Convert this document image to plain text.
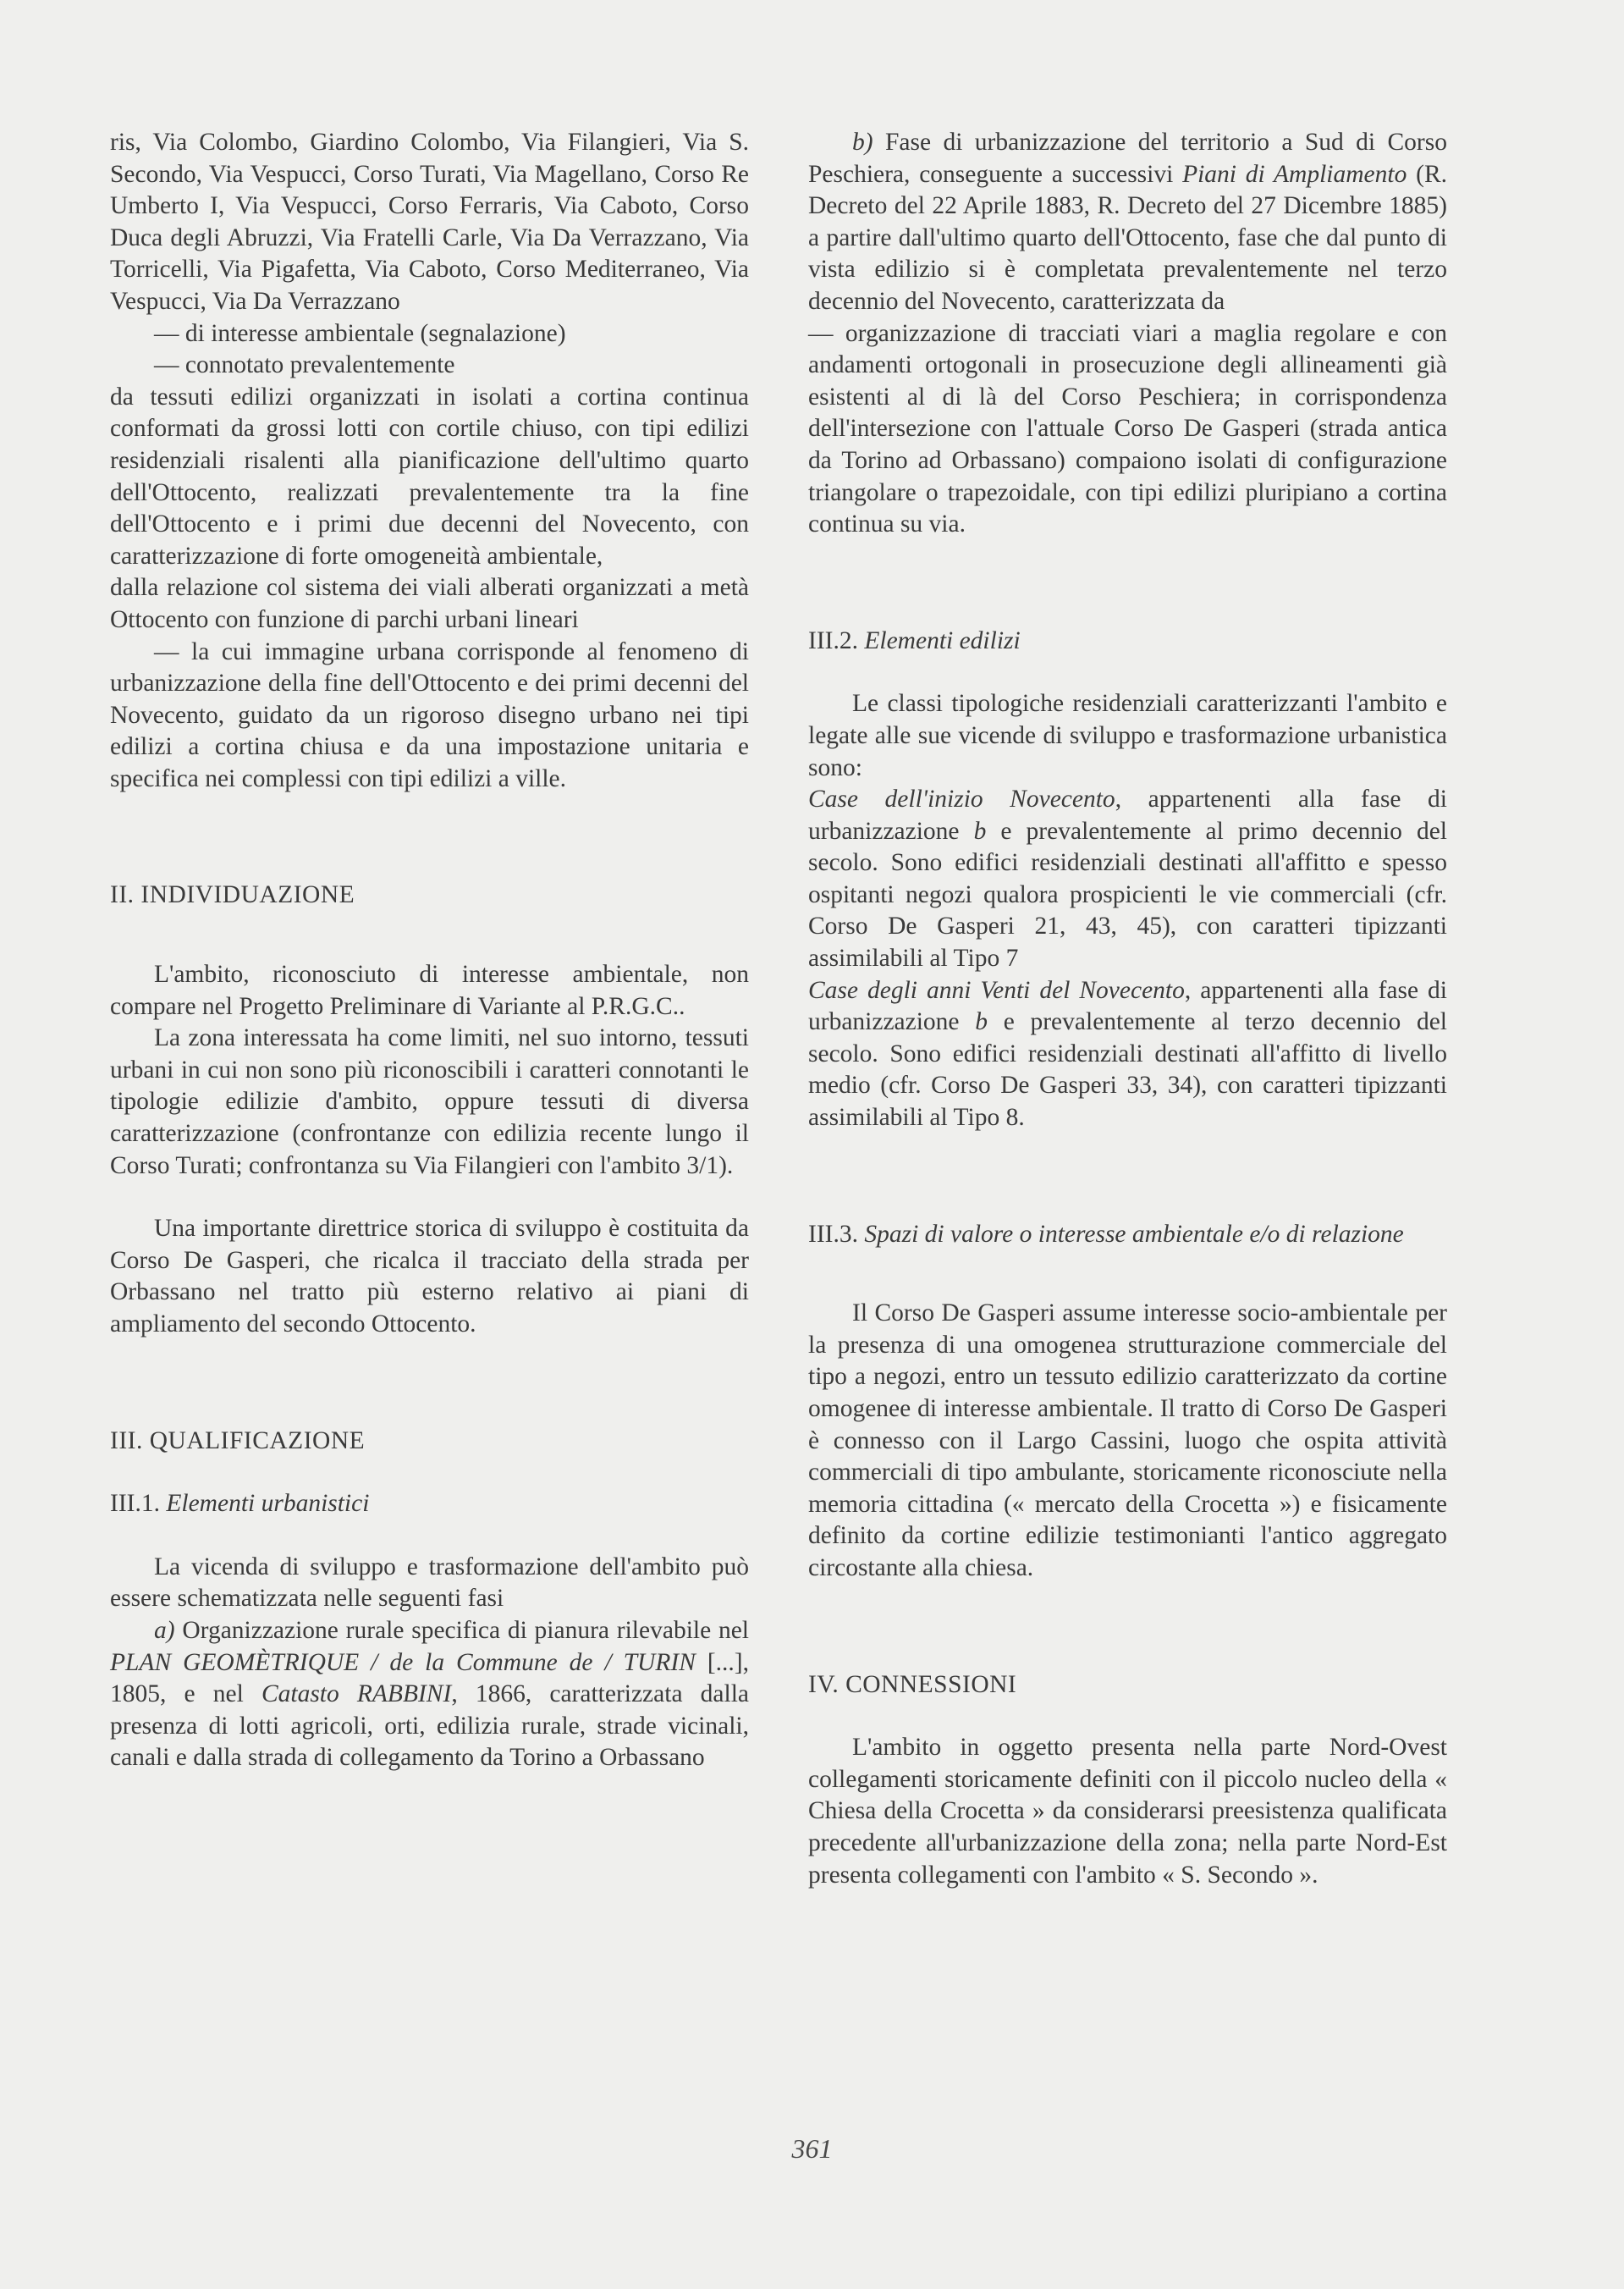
ris, Via Colombo, Giardino Colombo, Via Filangieri, Via S. Secondo, Via Vespucci, Corso Turati, Via Magellano, Corso Re Umberto I, Via Vespucci, Corso Ferraris, Via Caboto, Corso Duca degli Abruzzi, Via Fratelli Carle, Via Da Verrazzano, Via Torricelli, Via Pigafetta, Via Caboto, Corso Mediterraneo, Via Vespucci, Via Da Verrazzano

— di interesse ambientale (segnalazione)

— connotato prevalentemente

da tessuti edilizi organizzati in isolati a cortina continua conformati da grossi lotti con cortile chiuso, con tipi edilizi residenziali risalenti alla pianificazione dell'ultimo quarto dell'Ottocento, realizzati prevalentemente tra la fine dell'Ottocento e i primi due decenni del Novecento, con caratterizzazione di forte omogeneità ambientale,

dalla relazione col sistema dei viali alberati organizzati a metà Ottocento con funzione di parchi urbani lineari

— la cui immagine urbana corrisponde al fenomeno di urbanizzazione della fine dell'Ottocento e dei primi decenni del Novecento, guidato da un rigoroso disegno urbano nei tipi edilizi a cortina chiusa e da una impostazione unitaria e specifica nei complessi con tipi edilizi a ville.

II. INDIVIDUAZIONE

L'ambito, riconosciuto di interesse ambientale, non compare nel Progetto Preliminare di Variante al P.R.G.C..

La zona interessata ha come limiti, nel suo intorno, tessuti urbani in cui non sono più riconoscibili i caratteri connotanti le tipologie edilizie d'ambito, oppure tessuti di diversa caratterizzazione (confrontanze con edilizia recente lungo il Corso Turati; confrontanza su Via Filangieri con l'ambito 3/1).

Una importante direttrice storica di sviluppo è costituita da Corso De Gasperi, che ricalca il tracciato della strada per Orbassano nel tratto più esterno relativo ai piani di ampliamento del secondo Ottocento.

III. QUALIFICAZIONE
III.1. Elementi urbanistici

La vicenda di sviluppo e trasformazione dell'ambito può essere schematizzata nelle seguenti fasi

a) Organizzazione rurale specifica di pianura rilevabile nel PLAN GEOMÈTRIQUE / de la Commune de / TURIN [...], 1805, e nel Catasto RABBINI, 1866, caratterizzata dalla presenza di lotti agricoli, orti, edilizia rurale, strade vicinali, canali e dalla strada di collegamento da Torino a Orbassano

b) Fase di urbanizzazione del territorio a Sud di Corso Peschiera, conseguente a successivi Piani di Ampliamento (R. Decreto del 22 Aprile 1883, R. Decreto del 27 Dicembre 1885) a partire dall'ultimo quarto dell'Ottocento, fase che dal punto di vista edilizio si è completata prevalentemente nel terzo decennio del Novecento, caratterizzata da

— organizzazione di tracciati viari a maglia regolare e con andamenti ortogonali in prosecuzione degli allineamenti già esistenti al di là del Corso Peschiera; in corrispondenza dell'intersezione con l'attuale Corso De Gasperi (strada antica da Torino ad Orbassano) compaiono isolati di configurazione triangolare o trapezoidale, con tipi edilizi pluripiano a cortina continua su via.

III.2. Elementi edilizi

Le classi tipologiche residenziali caratterizzanti l'ambito e legate alle sue vicende di sviluppo e trasformazione urbanistica sono:

Case dell'inizio Novecento, appartenenti alla fase di urbanizzazione b e prevalentemente al primo decennio del secolo. Sono edifici residenziali destinati all'affitto e spesso ospitanti negozi qualora prospicienti le vie commerciali (cfr. Corso De Gasperi 21, 43, 45), con caratteri tipizzanti assimilabili al Tipo 7

Case degli anni Venti del Novecento, appartenenti alla fase di urbanizzazione b e prevalentemente al terzo decennio del secolo. Sono edifici residenziali destinati all'affitto di livello medio (cfr. Corso De Gasperi 33, 34), con caratteri tipizzanti assimilabili al Tipo 8.

III.3. Spazi di valore o interesse ambientale e/o di relazione

Il Corso De Gasperi assume interesse socio-ambientale per la presenza di una omogenea strutturazione commerciale del tipo a negozi, entro un tessuto edilizio caratterizzato da cortine omogenee di interesse ambientale. Il tratto di Corso De Gasperi è connesso con il Largo Cassini, luogo che ospita attività commerciali di tipo ambulante, storicamente riconosciute nella memoria cittadina (« mercato della Crocetta ») e fisicamente definito da cortine edilizie testimonianti l'antico aggregato circostante alla chiesa.

IV. CONNESSIONI

L'ambito in oggetto presenta nella parte Nord-Ovest collegamenti storicamente definiti con il piccolo nucleo della « Chiesa della Crocetta » da considerarsi preesistenza qualificata precedente all'urbanizzazione della zona; nella parte Nord-Est presenta collegamenti con l'ambito « S. Secondo ».

361
